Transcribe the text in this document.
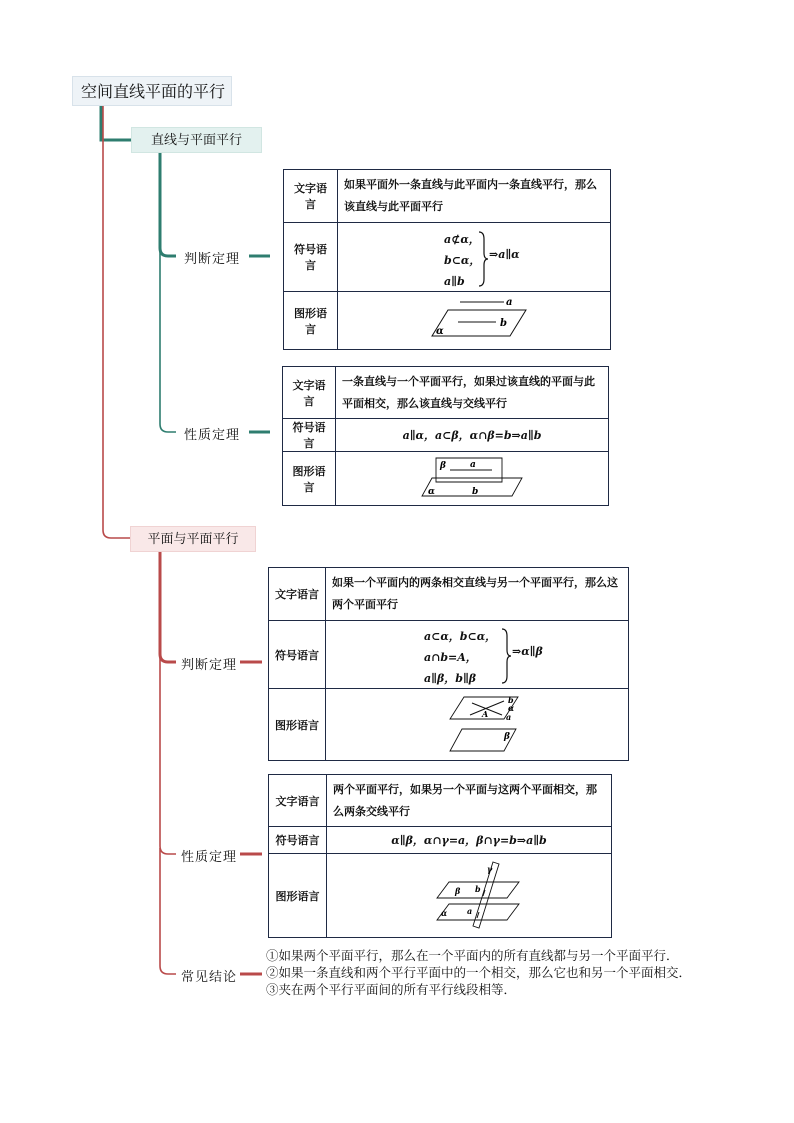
空间直线平面的平行
直线与平面平行
判断定理
性质定理
文字语言	如果平面外一条直线与此平面内一条直线平行，那么该直线与此平面平行
符号语言	a⊄α，
b⊂α，
a∥b
⇒a∥α

图形语言	a
b
α
文字语言	一条直线与一个平面平行，如果过该直线的平面与此平面相交，那么该直线与交线平行
符号语言	a∥α，a⊂β，α∩β=b⇒a∥b
图形语言	β a
α b
平面与平面平行
判断定理
性质定理
常见结论
文字语言	如果一个平面内的两条相交直线与另一个平面平行，那么这两个平面平行
符号语言	a⊂α，b⊂α，
a∩b=A，
a∥β，b∥β
⇒α∥β

图形语言	b
α
A a
β
文字语言	两个平面平行，如果另一个平面与这两个平面相交，那么两条交线平行
符号语言	α∥β，α∩γ=a，β∩γ=b⇒a∥b
图形语言	γ
β b
α a
①如果两个平面平行，那么在一个平面内的所有直线都与另一个平面平行．
②如果一条直线和两个平行平面中的一个相交，那么它也和另一个平面相交．
③夹在两个平行平面间的所有平行线段相等．
